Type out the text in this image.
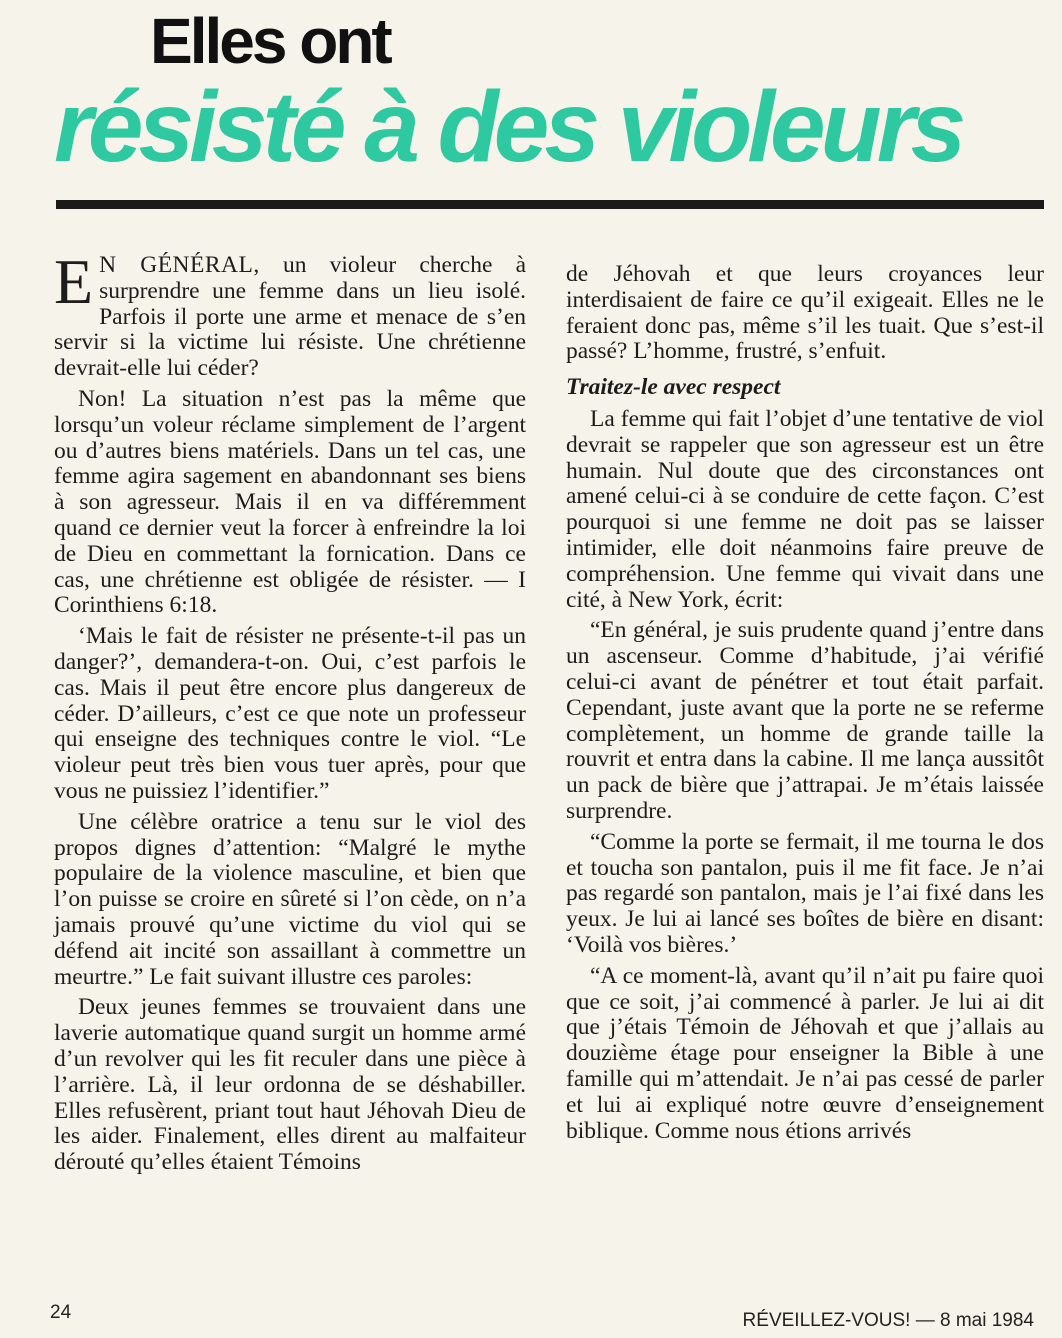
Elles ont
résisté à des violeurs

E N GÉNÉRAL, un violeur cherche à surprendre une femme dans un lieu isolé. Parfois il porte une arme et menace de s’en servir si la victime lui résiste. Une chrétienne devrait-elle lui céder?

Non! La situation n’est pas la même que lorsqu’un voleur réclame simplement de l’argent ou d’autres biens matériels. Dans un tel cas, une femme agira sagement en abandonnant ses biens à son agresseur. Mais il en va différemment quand ce dernier veut la forcer à enfreindre la loi de Dieu en commettant la fornication. Dans ce cas, une chrétienne est obligée de résister. — I Corinthiens 6:18.

‘Mais le fait de résister ne présente-t-il pas un danger?’, demandera-t-on. Oui, c’est parfois le cas. Mais il peut être encore plus dangereux de céder. D’ailleurs, c’est ce que note un professeur qui enseigne des techniques contre le viol. “Le violeur peut très bien vous tuer après, pour que vous ne puissiez l’identifier.”

Une célèbre oratrice a tenu sur le viol des propos dignes d’attention: “Malgré le mythe populaire de la violence masculine, et bien que l’on puisse se croire en sûreté si l’on cède, on n’a jamais prouvé qu’une victime du viol qui se défend ait incité son assaillant à commettre un meurtre.” Le fait suivant illustre ces paroles:

Deux jeunes femmes se trouvaient dans une laverie automatique quand surgit un homme armé d’un revolver qui les fit reculer dans une pièce à l’arrière. Là, il leur ordonna de se déshabiller. Elles refusèrent, priant tout haut Jéhovah Dieu de les aider. Finalement, elles dirent au malfaiteur dérouté qu’elles étaient Témoins

de Jéhovah et que leurs croyances leur interdisaient de faire ce qu’il exigeait. Elles ne le feraient donc pas, même s’il les tuait. Que s’est-il passé? L’homme, frustré, s’enfuit.

Traitez-le avec respect

La femme qui fait l’objet d’une tentative de viol devrait se rappeler que son agresseur est un être humain. Nul doute que des circonstances ont amené celui-ci à se conduire de cette façon. C’est pourquoi si une femme ne doit pas se laisser intimider, elle doit néanmoins faire preuve de compréhension. Une femme qui vivait dans une cité, à New York, écrit:

“En général, je suis prudente quand j’entre dans un ascenseur. Comme d’habitude, j’ai vérifié celui-ci avant de pénétrer et tout était parfait. Cependant, juste avant que la porte ne se referme complètement, un homme de grande taille la rouvrit et entra dans la cabine. Il me lança aussitôt un pack de bière que j’attrapai. Je m’étais laissée surprendre.

“Comme la porte se fermait, il me tourna le dos et toucha son pantalon, puis il me fit face. Je n’ai pas regardé son pantalon, mais je l’ai fixé dans les yeux. Je lui ai lancé ses boîtes de bière en disant: ‘Voilà vos bières.’

“A ce moment-là, avant qu’il n’ait pu faire quoi que ce soit, j’ai commencé à parler. Je lui ai dit que j’étais Témoin de Jéhovah et que j’allais au douzième étage pour enseigner la Bible à une famille qui m’attendait. Je n’ai pas cessé de parler et lui ai expliqué notre œuvre d’enseignement biblique. Comme nous étions arrivés

24	RÉVEILLEZ-VOUS! — 8 mai 1984
